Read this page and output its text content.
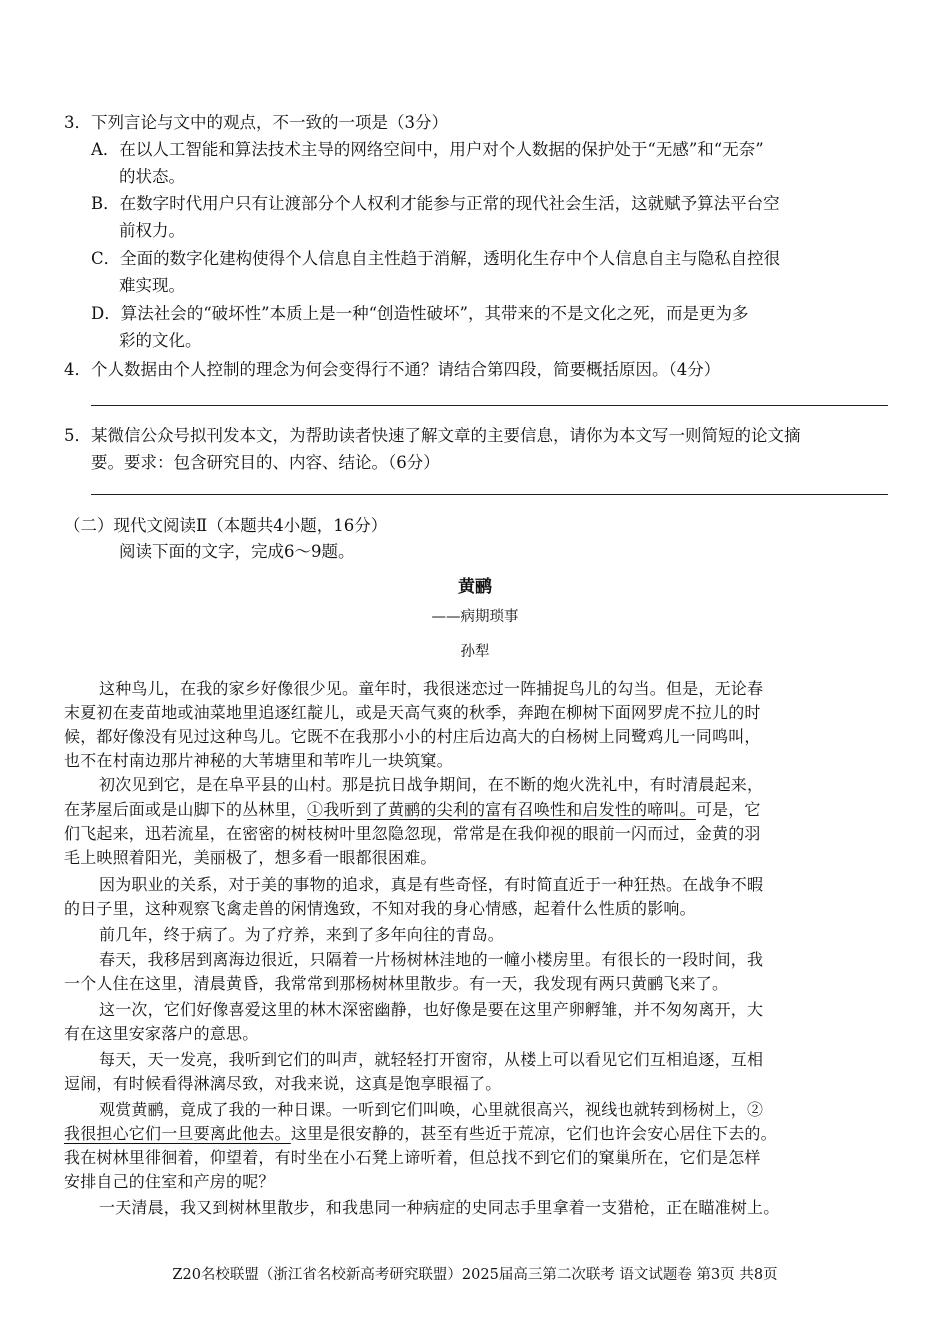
3．下列言论与文中的观点，不一致的一项是（3分）
A．在以人工智能和算法技术主导的网络空间中，用户对个人数据的保护处于“无感”和“无奈”
的状态。
B．在数字时代用户只有让渡部分个人权利才能参与正常的现代社会生活，这就赋予算法平台空
前权力。
C．全面的数字化建构使得个人信息自主性趋于消解，透明化生存中个人信息自主与隐私自控很
难实现。
D．算法社会的“破坏性”本质上是一种“创造性破坏”，其带来的不是文化之死，而是更为多
彩的文化。
4．个人数据由个人控制的理念为何会变得行不通？请结合第四段，简要概括原因。（4分）
5．某微信公众号拟刊发本文，为帮助读者快速了解文章的主要信息，请你为本文写一则简短的论文摘
要。要求：包含研究目的、内容、结论。（6分）
（二）现代文阅读Ⅱ（本题共4小题，16分）
阅读下面的文字，完成6～9题。
黄鹂
——病期琐事
孙犁
这种鸟儿，在我的家乡好像很少见。童年时，我很迷恋过一阵捕捉鸟儿的勾当。但是，无论春
末夏初在麦苗地或油菜地里追逐红靛儿，或是天高气爽的秋季，奔跑在柳树下面网罗虎不拉儿的时
候，都好像没有见过这种鸟儿。它既不在我那小小的村庄后边高大的白杨树上同鹭鸡儿一同鸣叫，
也不在村南边那片神秘的大苇塘里和苇咋儿一块筑窠。
初次见到它，是在阜平县的山村。那是抗日战争期间，在不断的炮火洗礼中，有时清晨起来，
在茅屋后面或是山脚下的丛林里，①我听到了黄鹂的尖利的富有召唤性和启发性的啼叫。可是，它
们飞起来，迅若流星，在密密的树枝树叶里忽隐忽现，常常是在我仰视的眼前一闪而过，金黄的羽
毛上映照着阳光，美丽极了，想多看一眼都很困难。
因为职业的关系，对于美的事物的追求，真是有些奇怪，有时简直近于一种狂热。在战争不暇
的日子里，这种观察飞禽走兽的闲情逸致，不知对我的身心情感，起着什么性质的影响。
前几年，终于病了。为了疗养，来到了多年向往的青岛。
春天，我移居到离海边很近，只隔着一片杨树林洼地的一幢小楼房里。有很长的一段时间，我
一个人住在这里，清晨黄昏，我常常到那杨树林里散步。有一天，我发现有两只黄鹂飞来了。
这一次，它们好像喜爱这里的林木深密幽静，也好像是要在这里产卵孵雏，并不匆匆离开，大
有在这里安家落户的意思。
每天，天一发亮，我听到它们的叫声，就轻轻打开窗帘，从楼上可以看见它们互相追逐，互相
逗闹，有时候看得淋漓尽致，对我来说，这真是饱享眼福了。
观赏黄鹂，竟成了我的一种日课。一听到它们叫唤，心里就很高兴，视线也就转到杨树上，②
我很担心它们一旦要离此他去。这里是很安静的，甚至有些近于荒凉，它们也许会安心居住下去的。
我在树林里徘徊着，仰望着，有时坐在小石凳上谛听着，但总找不到它们的窠巢所在，它们是怎样
安排自己的住室和产房的呢？
一天清晨，我又到树林里散步，和我患同一种病症的史同志手里拿着一支猎枪，正在瞄准树上。
Z20名校联盟（浙江省名校新高考研究联盟）2025届高三第二次联考 语文试题卷 第3页 共8页
